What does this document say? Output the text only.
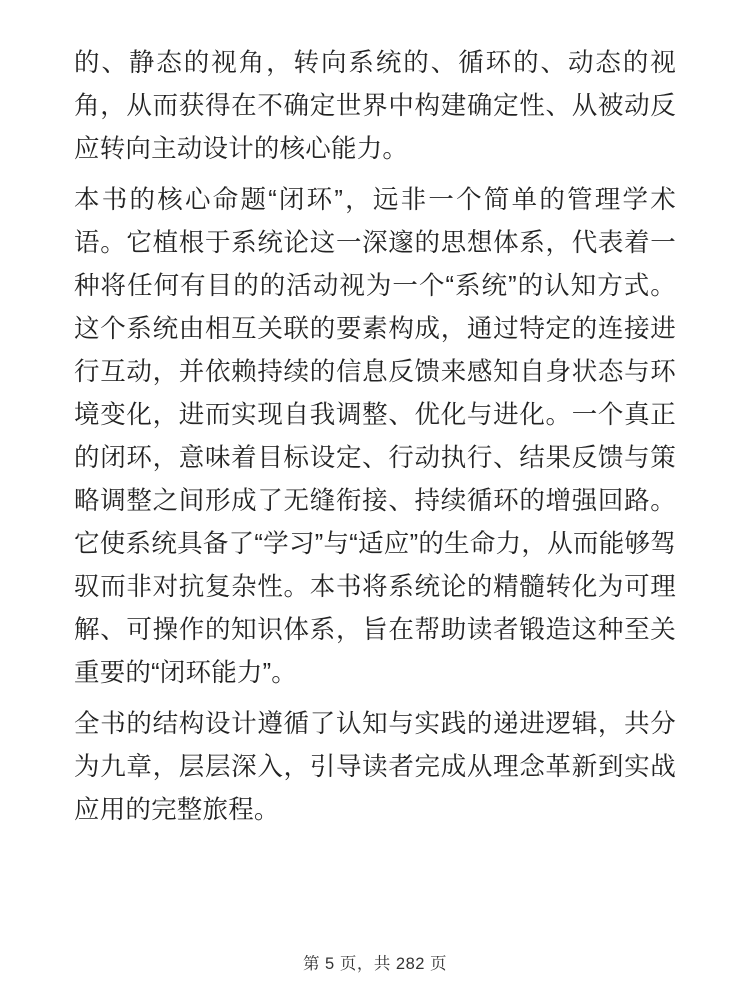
的、静态的视角，转向系统的、循环的、动态的视角，从而获得在不确定世界中构建确定性、从被动反应转向主动设计的核心能力。

本书的核心命题“闭环”，远非一个简单的管理学术语。它植根于系统论这一深邃的思想体系，代表着一种将任何有目的的活动视为一个“系统”的认知方式。这个系统由相互关联的要素构成，通过特定的连接进行互动，并依赖持续的信息反馈来感知自身状态与环境变化，进而实现自我调整、优化与进化。一个真正的闭环，意味着目标设定、行动执行、结果反馈与策略调整之间形成了无缝衔接、持续循环的增强回路。它使系统具备了“学习”与“适应”的生命力，从而能够驾驭而非对抗复杂性。本书将系统论的精髓转化为可理解、可操作的知识体系，旨在帮助读者锻造这种至关重要的“闭环能力”。

全书的结构设计遵循了认知与实践的递进逻辑，共分为九章，层层深入，引导读者完成从理念革新到实战应用的完整旅程。

第 5 页，共 282 页
